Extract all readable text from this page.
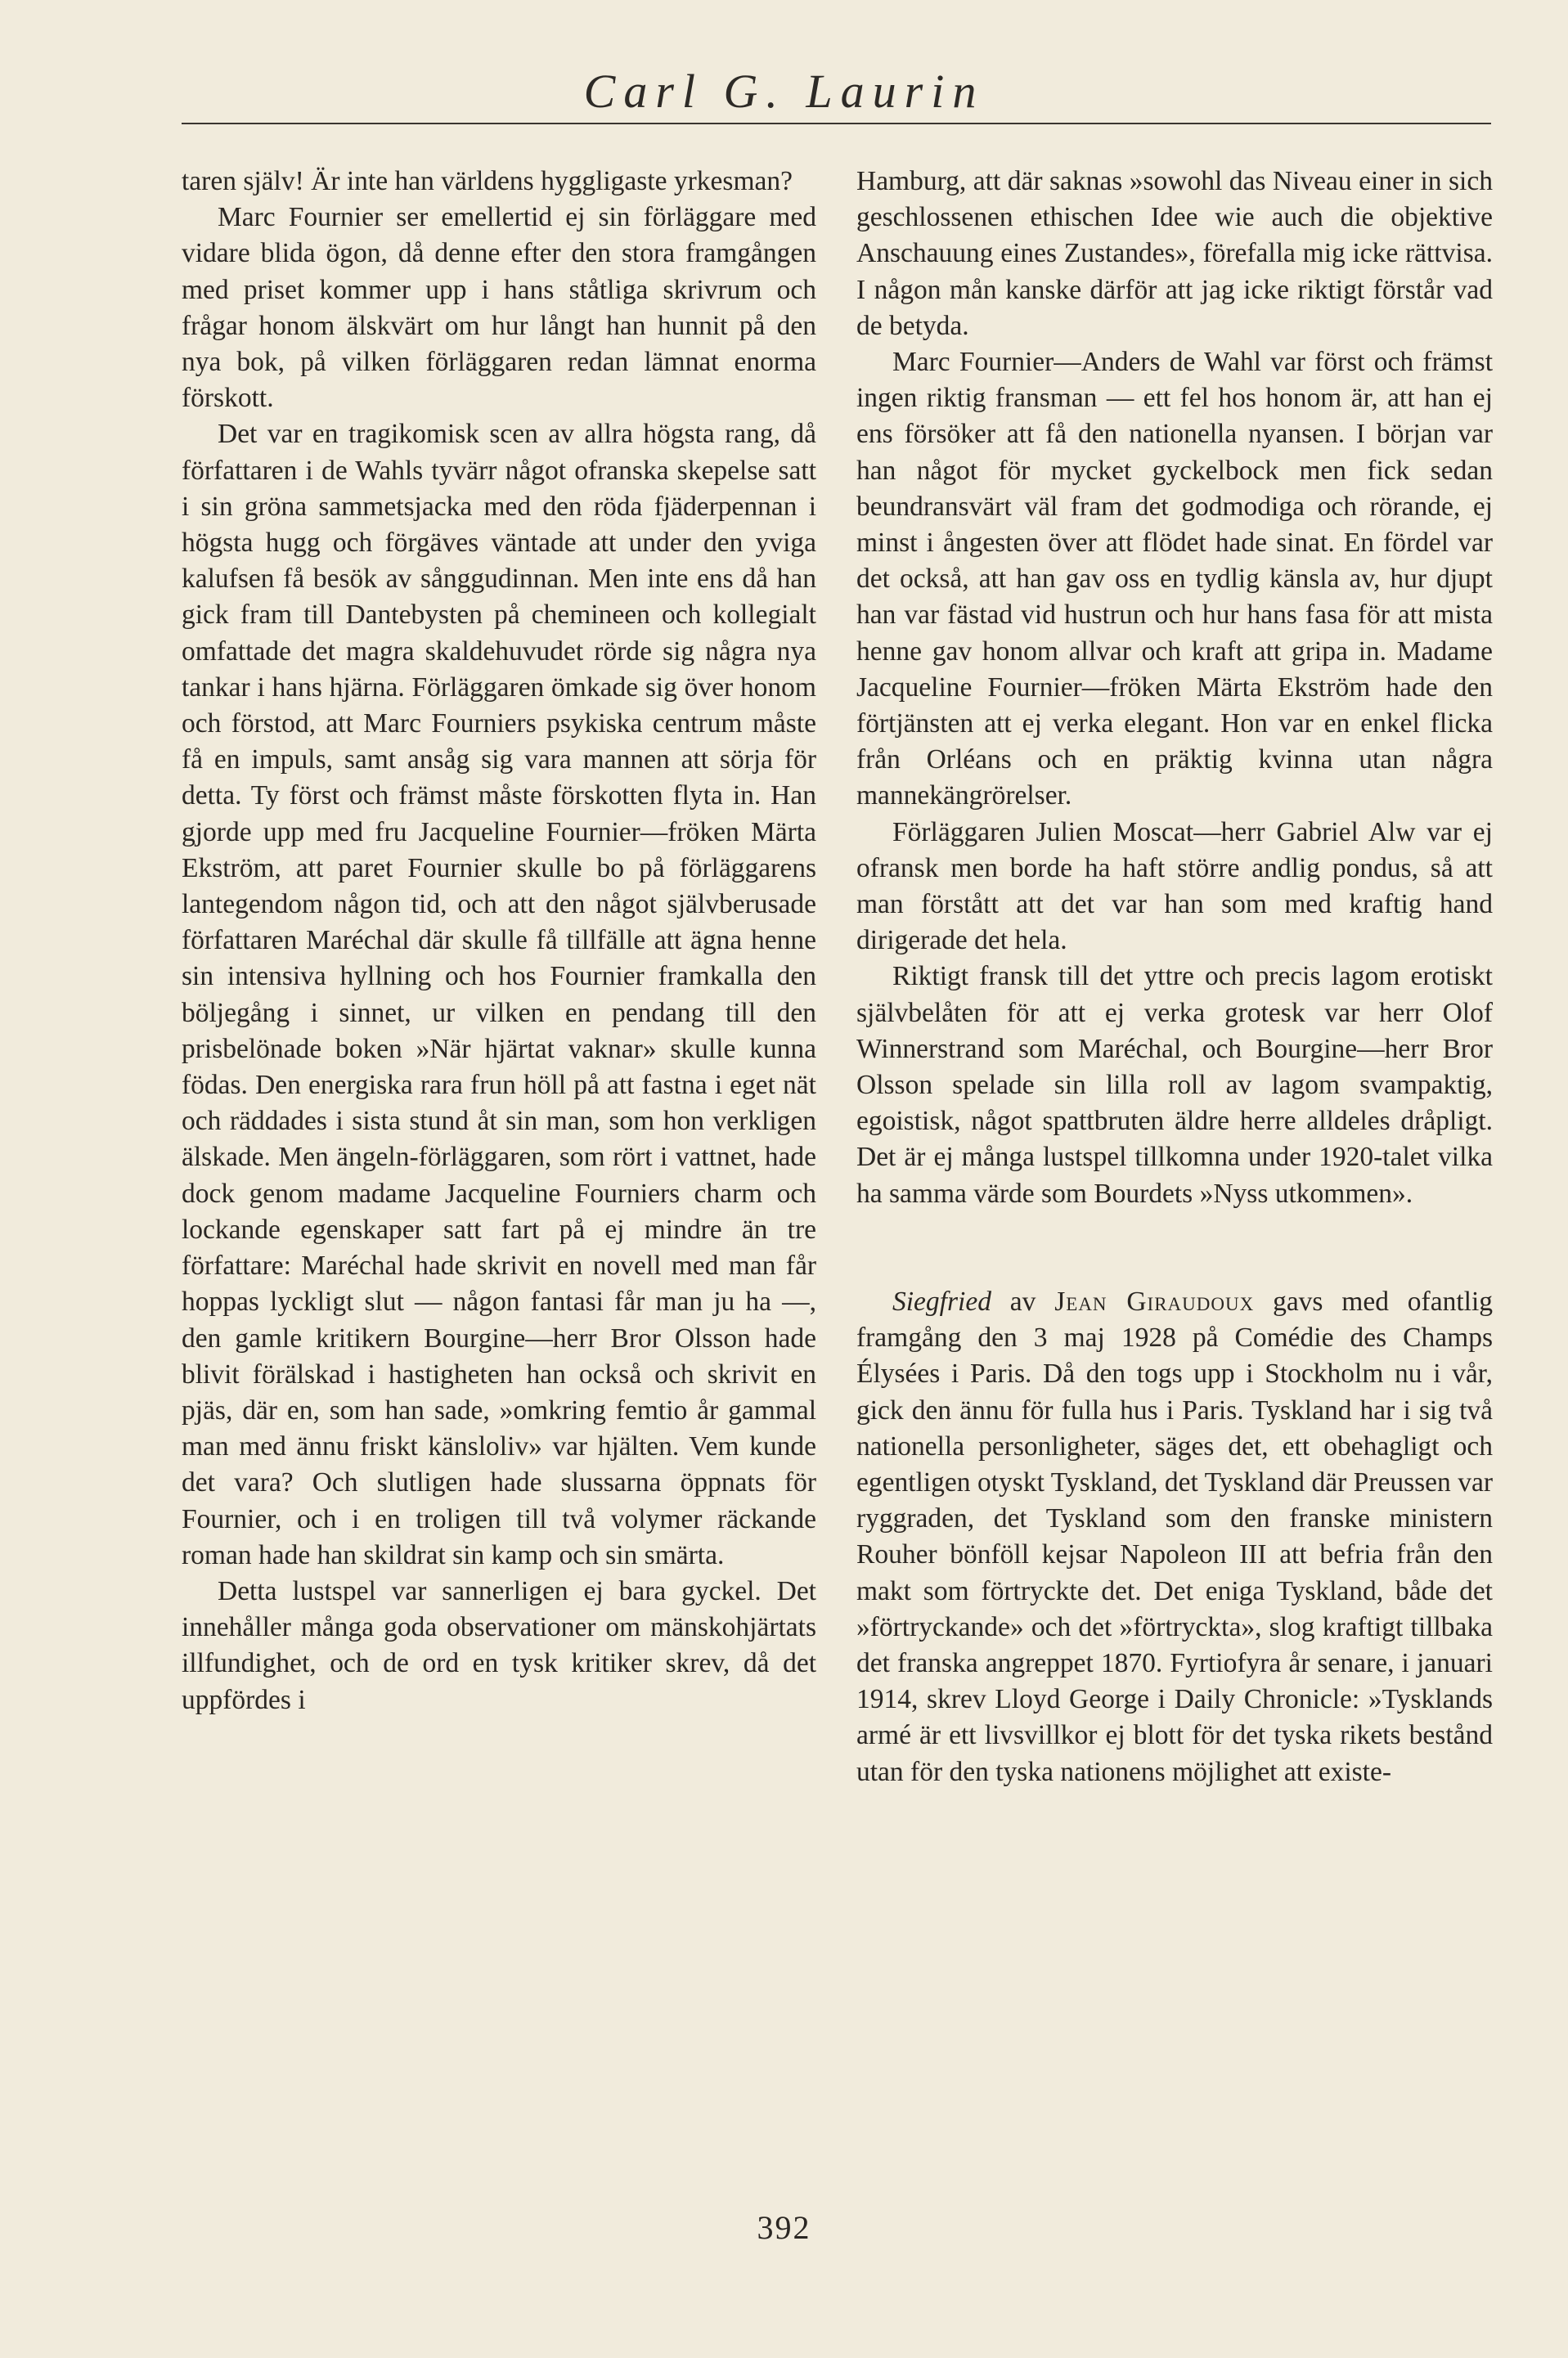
Carl G. Laurin

taren själv! Är inte han världens hyggligaste yrkesman?

Marc Fournier ser emellertid ej sin förläggare med vidare blida ögon, då denne efter den stora framgången med priset kommer upp i hans ståtliga skrivrum och frågar honom älskvärt om hur långt han hunnit på den nya bok, på vilken förläggaren redan lämnat enorma förskott.

Det var en tragikomisk scen av allra högsta rang, då författaren i de Wahls tyvärr något ofranska skepelse satt i sin gröna sammetsjacka med den röda fjäderpennan i högsta hugg och förgäves väntade att under den yviga kalufsen få besök av sånggudinnan. Men inte ens då han gick fram till Dantebysten på chemineen och kollegialt omfattade det magra skaldehuvudet rörde sig några nya tankar i hans hjärna. Förläggaren ömkade sig över honom och förstod, att Marc Fourniers psykiska centrum måste få en impuls, samt ansåg sig vara mannen att sörja för detta. Ty först och främst måste förskotten flyta in. Han gjorde upp med fru Jacqueline Fournier—fröken Märta Ekström, att paret Fournier skulle bo på förläggarens lantegendom någon tid, och att den något självberusade författaren Maréchal där skulle få tillfälle att ägna henne sin intensiva hyllning och hos Fournier framkalla den böljegång i sinnet, ur vilken en pendang till den prisbelönade boken »När hjärtat vaknar» skulle kunna födas. Den energiska rara frun höll på att fastna i eget nät och räddades i sista stund åt sin man, som hon verkligen älskade. Men ängeln-förläggaren, som rört i vattnet, hade dock genom madame Jacqueline Fourniers charm och lockande egenskaper satt fart på ej mindre än tre författare: Maréchal hade skrivit en novell med man får hoppas lyckligt slut — någon fantasi får man ju ha —, den gamle kritikern Bourgine—herr Bror Olsson hade blivit förälskad i hastigheten han också och skrivit en pjäs, där en, som han sade, »omkring femtio år gammal man med ännu friskt känsloliv» var hjälten. Vem kunde det vara? Och slutligen hade slussarna öppnats för Fournier, och i en troligen till två volymer räckande roman hade han skildrat sin kamp och sin smärta.

Detta lustspel var sannerligen ej bara gyckel. Det innehåller många goda observationer om mänskohjärtats illfundighet, och de ord en tysk kritiker skrev, då det uppfördes i

Hamburg, att där saknas »sowohl das Niveau einer in sich geschlossenen ethischen Idee wie auch die objektive Anschauung eines Zustandes», förefalla mig icke rättvisa. I någon mån kanske därför att jag icke riktigt förstår vad de betyda.

Marc Fournier—Anders de Wahl var först och främst ingen riktig fransman — ett fel hos honom är, att han ej ens försöker att få den nationella nyansen. I början var han något för mycket gyckelbock men fick sedan beundransvärt väl fram det godmodiga och rörande, ej minst i ångesten över att flödet hade sinat. En fördel var det också, att han gav oss en tydlig känsla av, hur djupt han var fästad vid hustrun och hur hans fasa för att mista henne gav honom allvar och kraft att gripa in. Madame Jacqueline Fournier—fröken Märta Ekström hade den förtjänsten att ej verka elegant. Hon var en enkel flicka från Orléans och en präktig kvinna utan några mannekängrörelser.

Förläggaren Julien Moscat—herr Gabriel Alw var ej ofransk men borde ha haft större andlig pondus, så att man förstått att det var han som med kraftig hand dirigerade det hela.

Riktigt fransk till det yttre och precis lagom erotiskt självbelåten för att ej verka grotesk var herr Olof Winnerstrand som Maréchal, och Bourgine—herr Bror Olsson spelade sin lilla roll av lagom svampaktig, egoistisk, något spattbruten äldre herre alldeles dråpligt. Det är ej många lustspel tillkomna under 1920-talet vilka ha samma värde som Bourdets »Nyss utkommen».

Siegfried av Jean Giraudoux gavs med ofantlig framgång den 3 maj 1928 på Comédie des Champs Élysées i Paris. Då den togs upp i Stockholm nu i vår, gick den ännu för fulla hus i Paris. Tyskland har i sig två nationella personligheter, säges det, ett obehagligt och egentligen otyskt Tyskland, det Tyskland där Preussen var ryggraden, det Tyskland som den franske ministern Rouher bönföll kejsar Napoleon III att befria från den makt som förtryckte det. Det eniga Tyskland, både det »förtryckande» och det »förtryckta», slog kraftigt tillbaka det franska angreppet 1870. Fyrtiofyra år senare, i januari 1914, skrev Lloyd George i Daily Chronicle: »Tysklands armé är ett livsvillkor ej blott för det tyska rikets bestånd utan för den tyska nationens möjlighet att existe-

392
